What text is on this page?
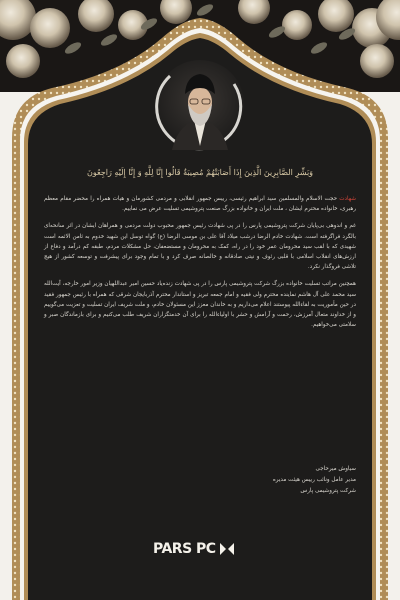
وَبَشِّرِ الصَّابِرِينَ الَّذِينَ إِذَا أَصَابَتْهُمْ مُصِيبَةٌ قَالُوا إِنَّا لِلَّهِ وَ إِنَّا إِلَيْهِ رَاجِعُونَ

شهادت حجت الاسلام والمسلمین سید ابراهیم رئیسی، رییس جمهور انقلابی و مردمی کشورمان و هیات همراه را محضر مقام معظم رهبری، خانواده محترم ایشان ، ملت ایران و خانواده بزرگ صنعت پتروشیمی تسلیت عرض می نماییم.

غم و اندوهی بی‌پایان شرکت پتروشیمی پارس را در پی شهادت رئیس جمهور محبوب دولت مردمی و همراهان ایشان در اثر سانحه‌ای بالگرد فراگرفته است. شهادت خادم الرضا درشب میلاد آقا علی بن موسی الرضا (ع) گواه توسل این شهید خدوم به ثامن الائمه است شهیدی که با لقب سید محرومان عمر خود را در راه، کمک به محرومان و مستضعفان، حل مشکلات مردم، طبقه کم درآمد و دفاع از ارزش‌های انقلاب اسلامی با قلبی رئوف و نیتی صادقانه و خالصانه صرف کرد و با تمام وجود برای پیشرفت و توسعه کشور از هیچ تلاشی فروگذار نکرد.

همچنین مراتب تسلیت خانواده بزرگ شرکت پتروشیمی پارس را در پی شهادت زنده‌یاد حسین امیر عبداللهیان وزیر امور خارجه، آیت‌الله سید محمد علی آل هاشم نماینده محترم ولی فقیه و امام جمعه تبریز و استاندار محترم آذربایجان شرقی که همراه با رئیس جمهور فقید در حین مأموریت به لقاءالله پیوستند اعلام می‌داریم و به خاندان معزز این مسئولان خادم، و ملت شریف ایران تسلیت و تعزیت می‌گوییم و از خداوند متعال آمرزش، رحمت و آرامش و حشر با اولیاءالله را برای آن خدمتگزاران شریف طلب می‌کنیم و برای بازماندگان صبر و سلامتی می‌خواهیم.

سیاوش میرحاجی
مدیر عامل ونائب رییس هیئت مدیره
شرکت پتروشیمی پارس
PARS PC
